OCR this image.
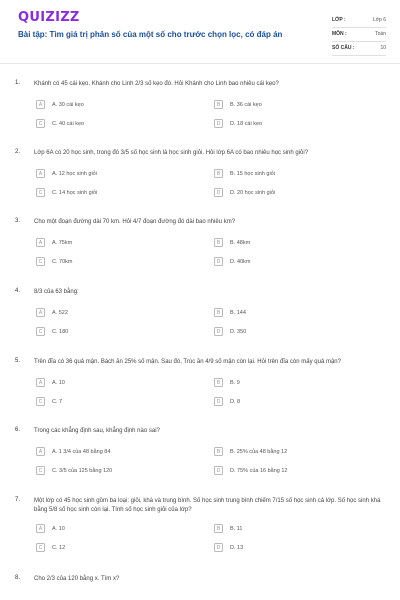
QUIZIZZ
Bài tập: Tìm giá trị phân số của một số cho trước chọn lọc, có đáp án
LỚP :	Lớp 6
MÔN :	Toán
SỐ CÂU :	10
1. Khánh có 45 cái kẹo. Khánh cho Linh 2/3 số kẹo đó. Hỏi Khánh cho Linh bao nhiêu cái kẹo?
A	A. 30 cái kẹo	B	B. 36 cái kẹo
C	C. 40 cái kẹo	D	D. 18 cái kẹo
2. Lớp 6A có 20 học sinh, trong đó 3/5 số học sinh là học sinh giỏi. Hỏi lớp 6A có bao nhiêu học sinh giỏi?
A	A. 12 học sinh giỏi	B	B. 15 học sinh giỏi
C	C. 14 học sinh giỏi	D	D. 20 học sinh giỏi
3. Cho một đoạn đường dài 70 km. Hỏi 4/7 đoạn đường đó dài bao nhiêu km?
A	A. 75km	B	B. 48km
C	C. 70km	D	D. 40km
4. 8/3 của 63 bằng:
A	A. 522	B	B. 144
C	C. 180	D	D. 350
5. Trên đĩa có 36 quả mận. Bách ăn 25% số mận. Sau đó, Trúc ăn 4/9 số mận còn lại. Hỏi trên đĩa còn mấy quả mận?
A	A. 10	B	B. 9
C	C. 7	D	D. 8
6. Trong các khẳng định sau, khẳng định nào sai?
A	A. 1 3/4 của 48 bằng 84	B	B. 25% của 48 bằng 12
C	C. 3/5 của 125 bằng 120	D	D. 75% của 16 bằng 12
7. Một lớp có 45 học sinh gồm ba loại: giỏi, khá và trung bình. Số học sinh trung bình chiếm 7/15 số học sinh cả lớp. Số học sinh khá bằng 5/8 số học sinh còn lại. Tính số học sinh giỏi của lớp?
A	A. 10	B	B. 11
C	C. 12	D	D. 13
8. Cho 2/3 của 120 bằng x. Tìm x?
